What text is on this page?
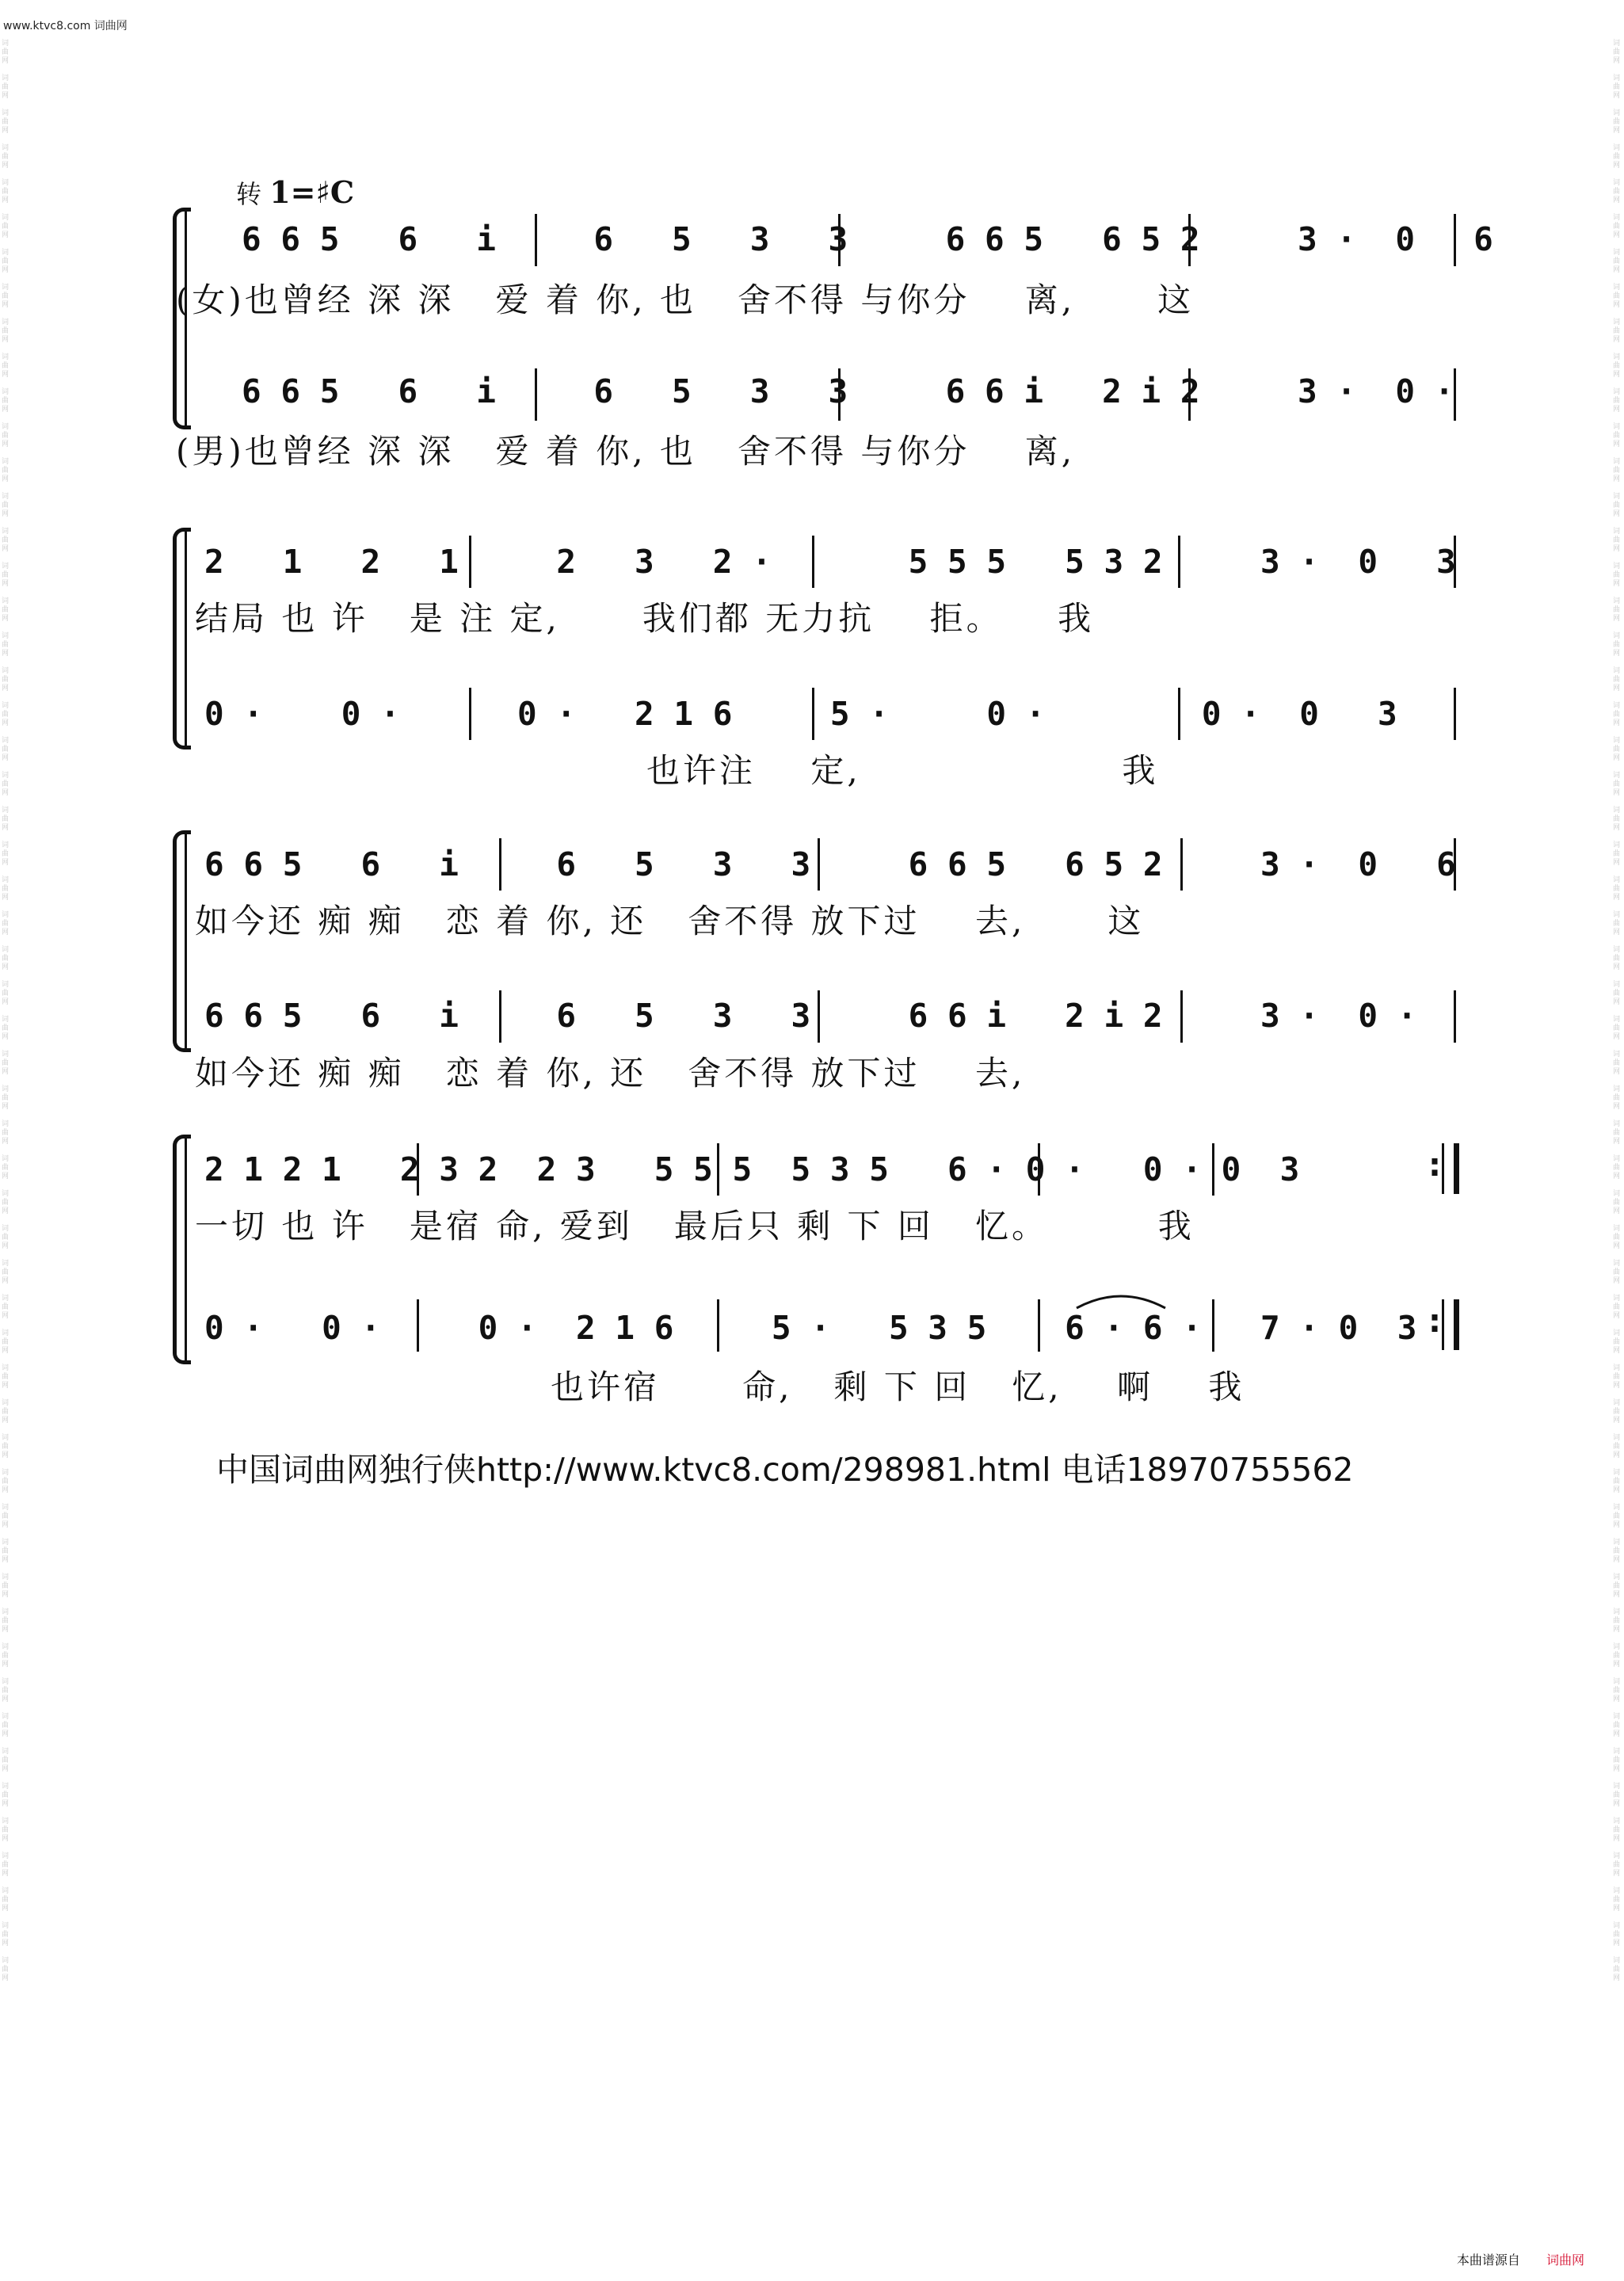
www.ktvc8.com 词曲网
词
曲
网

词
曲
网

词
曲
网

词
曲
网

词
曲
网

词
曲
网

词
曲
网

词
曲
网

词
曲
网

词
曲
网

词
曲
网

词
曲
网

词
曲
网

词
曲
网

词
曲
网

词
曲
网

词
曲
网

词
曲
网

词
曲
网

词
曲
网

词
曲
网

词
曲
网

词
曲
网

词
曲
网

词
曲
网

词
曲
网

词
曲
网

词
曲
网

词
曲
网

词
曲
网

词
曲
网

词
曲
网

词
曲
网

词
曲
网

词
曲
网

词
曲
网

词
曲
网

词
曲
网

词
曲
网

词
曲
网

词
曲
网

词
曲
网

词
曲
网

词
曲
网

词
曲
网

词
曲
网

词
曲
网

词
曲
网

词
曲
网

词
曲
网

词
曲
网

词
曲
网

词
曲
网

词
曲
网

词
曲
网

词
曲
网

词
曲
网

词
曲
网

词
曲
网

词
曲
网

词
曲
网

词
曲
网

词
曲
网

词
曲
网

词
曲
网

词
曲
网

词
曲
网

词
曲
网

词
曲
网

词
曲
网

词
曲
网

词
曲
网

词
曲
网

词
曲
网

词
曲
网

词
曲
网

词
曲
网

词
曲
网

词
曲
网

词
曲
网

词
曲
网

词
曲
网

词
曲
网

词
曲
网

词
曲
网

词
曲
网

词
曲
网

词
曲
网

词
曲
网

词
曲
网

词
曲
网

词
曲
网

词
曲
网

词
曲
网

词
曲
网

词
曲
网

词
曲
网

词
曲
网

词
曲
网

词
曲
网

词
曲
网

词
曲
网

词
曲
网

词
曲
网

词
曲
网

词
曲
网

词
曲
网

词
曲
网

词
曲
网

词
曲
网

词
曲
网

词
曲
网

转 1=♯C
6 6 5   6   i     6   5   3   3     6 6 5   6 5 2     3 ·  0   6
(女)也曾经 深 深   爱 着 你, 也   舍不得 与你分    离,      这
6 6 5   6   i     6   5   3   3     6 6 i   2 i 2     3 ·  0 ·
(男)也曾经 深 深   爱 着 你, 也   舍不得 与你分    离,
2   1   2   1     2   3   2 ·       5 5 5   5 3 2     3 ·  0   3
结局 也 许   是 注 定,      我们都 无力抗    拒。    我
0 ·    0 ·      0 ·   2 1 6     5 ·     0 ·        0 ·  0   3
也许注    定,                   我
6 6 5   6   i     6   5   3   3     6 6 5   6 5 2     3 ·  0   6
如今还 痴 痴   恋 着 你, 还   舍不得 放下过    去,      这
6 6 5   6   i     6   5   3   3     6 6 i   2 i 2     3 ·  0 ·
如今还 痴 痴   恋 着 你, 还   舍不得 放下过    去,
2 1 2 1   2 3 2  2 3   5 5 5  5 3 5   6 · 0 ·   0 · 0  3
一切 也 许   是宿 命, 爱到   最后只 剩 下 回   忆。        我
0 ·   0 ·     0 ·  2 1 6     5 ·   5 3 5    6 · 6 ·   7 · 0  3
也许宿      命,   剩 下 回   忆,    啊    我
:
:
中国词曲网独行侠http://www.ktvc8.com/298981.html 电话18970755562
本曲谱源自 词曲网
